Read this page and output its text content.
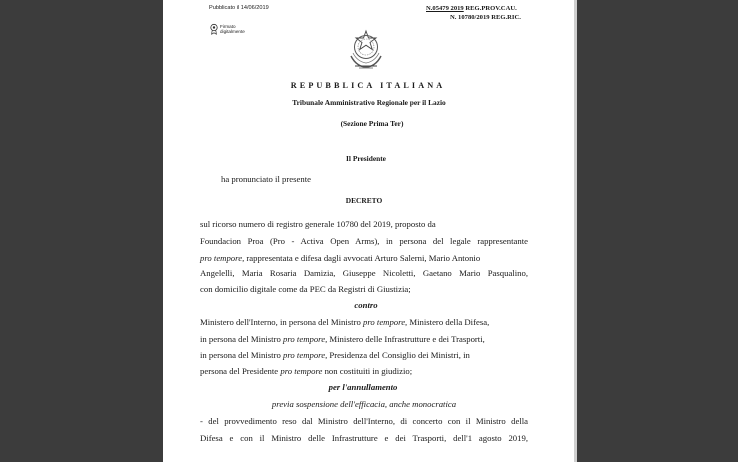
Pubblicato il 14/06/2019	N.05479 2019 REG.PROV.CAU.
N. 10780/2019 REG.RIC.
Firmato
digitalmente
REPUBBLICA ITALIANA
Tribunale Amministrativo Regionale per il Lazio
(Sezione Prima Ter)
Il Presidente
ha pronunciato il presente
DECRETO
sul ricorso numero di registro generale 10780 del 2019, proposto da
Foundacion Proa (Pro - Activa Open Arms), in persona del legale rappresentante
pro tempore, rappresentata e difesa dagli avvocati Arturo Salerni, Mario Antonio
Angelelli, Maria Rosaria Damizia, Giuseppe Nicoletti, Gaetano Mario Pasqualino,
con domicilio digitale come da PEC da Registri di Giustizia;
contro
Ministero dell'Interno, in persona del Ministro pro tempore, Ministero della Difesa,
in persona del Ministro pro tempore, Ministero delle Infrastrutture e dei Trasporti,
in persona del Ministro pro tempore, Presidenza del Consiglio dei Ministri, in
persona del Presidente pro tempore non costituiti in giudizio;
per l'annullamento
previa sospensione dell'efficacia, anche monocratica
- del provvedimento reso dal Ministro dell'Interno, di concerto con il Ministro della
Difesa e con il Ministro delle Infrastrutture e dei Trasporti, dell'1 agosto 2019,
